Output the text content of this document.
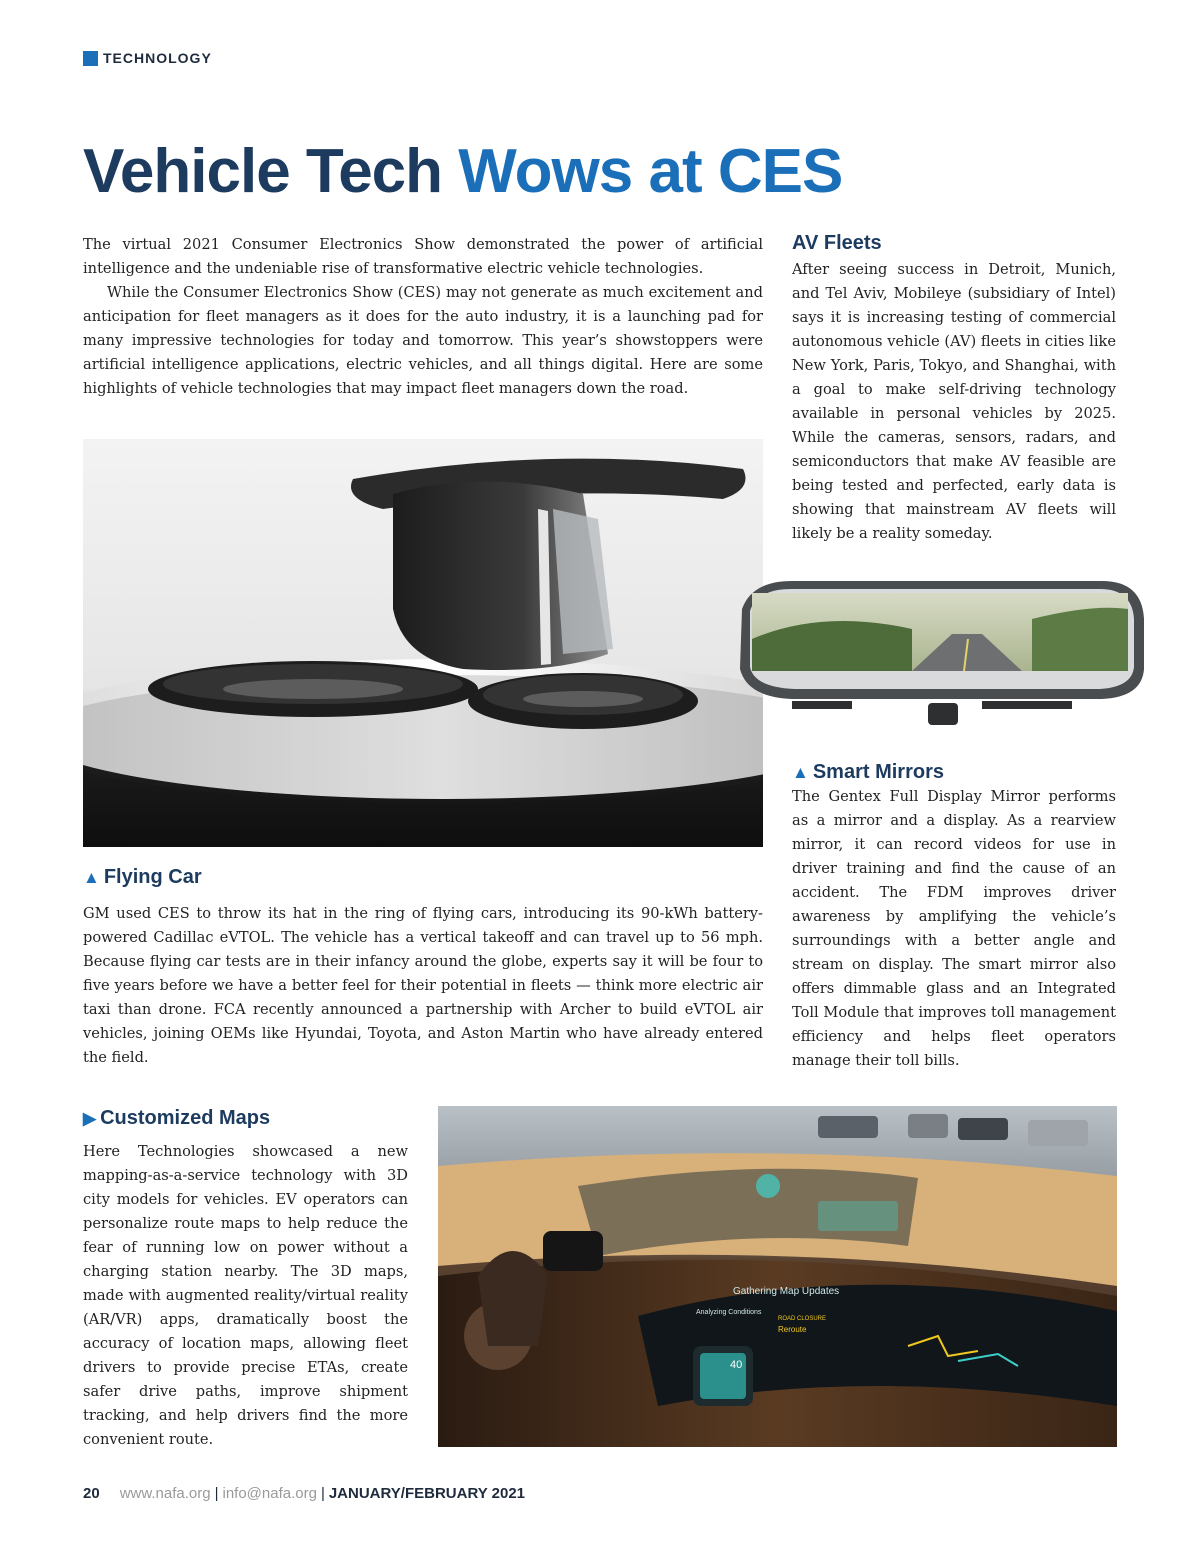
TECHNOLOGY
Vehicle Tech Wows at CES

The virtual 2021 Consumer Electronics Show demonstrated the power of artificial intelligence and the undeniable rise of transformative electric vehicle technologies.

While the Consumer Electronics Show (CES) may not generate as much excitement and anticipation for fleet managers as it does for the auto industry, it is a launching pad for many impressive technologies for today and tomorrow. This year’s showstoppers were artificial intelligence applications, electric vehicles, and all things digital. Here are some highlights of vehicle technologies that may impact fleet managers down the road.

AV Fleets
After seeing success in Detroit, Munich, and Tel Aviv, Mobileye (subsidiary of Intel) says it is increasing testing of commercial autonomous vehicle (AV) fleets in cities like New York, Paris, Tokyo, and Shanghai, with a goal to make self-driving technology available in personal vehicles by 2025. While the cameras, sensors, radars, and semiconductors that make AV feasible are being tested and perfected, early data is showing that mainstream AV fleets will likely be a reality someday.
▲ Smart Mirrors
The Gentex Full Display Mirror performs as a mirror and a display. As a rearview mirror, it can record videos for use in driver training and find the cause of an accident. The FDM improves driver awareness by amplifying the vehicle’s surroundings with a better angle and stream on display. The smart mirror also offers dimmable glass and an Integrated Toll Module that improves toll management efficiency and helps fleet operators manage their toll bills.
▲ Flying Car
GM used CES to throw its hat in the ring of flying cars, introducing its 90-kWh battery-powered Cadillac eVTOL. The vehicle has a vertical takeoff and can travel up to 56 mph. Because flying car tests are in their infancy around the globe, experts say it will be four to five years before we have a better feel for their potential in fleets — think more electric air taxi than drone. FCA recently announced a partnership with Archer to build eVTOL air vehicles, joining OEMs like Hyundai, Toyota, and Aston Martin who have already entered the field.
▶ Customized Maps
Here Technologies showcased a new mapping-as-a-service technology with 3D city models for vehicles. EV operators can personalize route maps to help reduce the fear of running low on power without a charging station nearby. The 3D maps, made with augmented reality/virtual reality (AR/VR) apps, dramatically boost the accuracy of location maps, allowing fleet drivers to provide precise ETAs, create safer drive paths, improve shipment tracking, and help drivers find the more convenient route.
40
Gathering Map Updates
Analyzing Conditions
ROAD CLOSURE
Reroute
20 www.nafa.org | info@nafa.org | JANUARY/FEBRUARY 2021
